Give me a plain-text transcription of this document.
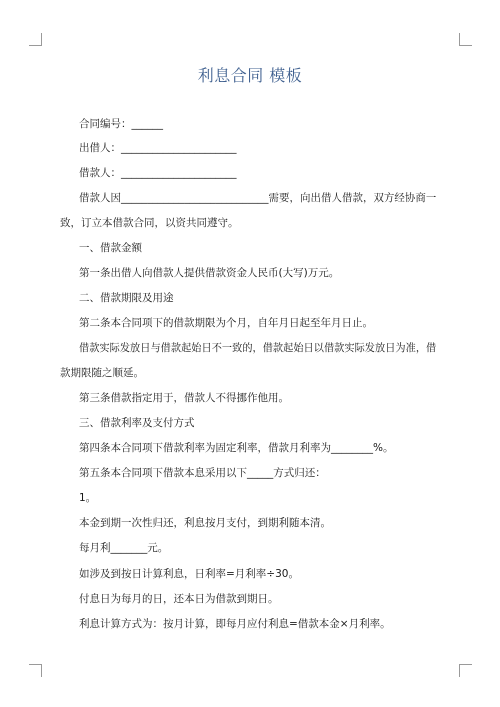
利息合同 模板
合同编号：______
出借人：______________________
借款人：______________________
借款人因____________________________需要，向出借人借款，双方经协商一
致，订立本借款合同，以资共同遵守。
一、借款金额
第一条出借人向借款人提供借款资金人民币(大写)万元。
二、借款期限及用途
第二条本合同项下的借款期限为个月，自年月日起至年月日止。
借款实际发放日与借款起始日不一致的，借款起始日以借款实际发放日为准，借
款期限随之顺延。
第三条借款指定用于，借款人不得挪作他用。
三、借款利率及支付方式
第四条本合同项下借款利率为固定利率，借款月利率为________%。
第五条本合同项下借款本息采用以下_____方式归还：
1。
本金到期一次性归还，利息按月支付，到期利随本清。
每月利_______元。
如涉及到按日计算利息，日利率=月利率÷30。
付息日为每月的日，还本日为借款到期日。
利息计算方式为：按月计算，即每月应付利息=借款本金×月利率。
